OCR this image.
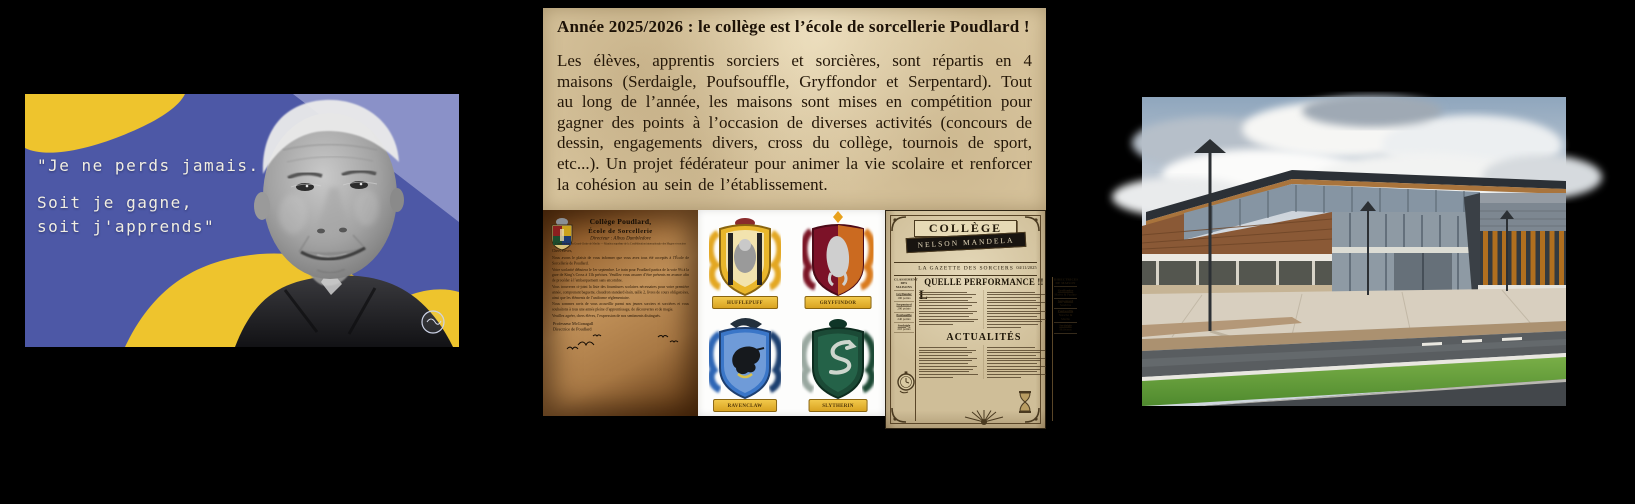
"Je ne perds jamais.
Soit je gagne,
soit j'apprends"
Année 2025/2026 : le collège est l’école de sorcellerie Poudlard !
Les élèves, apprentis sorciers et sorcières, sont répartis en 4 maisons (Serdaigle, Poufsouffle, Gryffondor et Serpentard). Tout au long de l’année, les maisons sont mises en compétition pour gagner des points à l’occasion de diverses activités (concours de dessin, engagements divers, cross du collège, tournois de sport, etc...). Un projet fédérateur pour animer la vie scolaire et renforcer la cohésion au sein de l’établissement.
Collège Poudlard,
École de Sorcellerie
Directeur : Albus Dumbledore
Commandeur du Grand-Ordre de Merlin — Manitou suprême de la Confédération internationale des Mages et sorciers

Chers élèves,

Nous avons le plaisir de vous informer que vous avez tous été acceptés à l’École de Sorcellerie de Poudlard.

Votre scolarité débutera le 1er septembre. Le train pour Poudlard partira de la voie 9¾ à la gare de King’s Cross à 11h précises. Veuillez vous assurer d’être présents en avance afin de procéder à l’embarquement sans encombre.

Vous trouverez ci-joint la liste des fournitures scolaires nécessaires pour votre première année, comprenant baguette, chaudron standard étain, taille 2, livres de cours obligatoires, ainsi que les éléments de l’uniforme réglementaire.

Nous sommes ravis de vous accueillir parmi nos jeunes sorciers et sorcières et vous souhaitons à tous une année pleine d’apprentissage, de découvertes et de magie.

Veuillez agréer, chers élèves, l’expression de nos sentiments distingués.

Professeur McGonagall
Directrice de Poudlard
HUFFLEPUFF	GRYFFINDOR
RAVENCLAW	SLYTHERIN
COLLÈGE
NELSON MANDELA
LA GAZETTE DES SORCIERS 04/11/2025
CLASSEMENT DES MAISONS
Gryffondor
190 points
Serpentard
290 points
Poufsouffle
240 points
Serdaigle
210 points
QUELLE PERFORMANCE !!
ACTUALITÉS
DIRECTRICES DE MAISON
Gryffondor
Maëva & Pauline
Serpentard
Sandrine
Poufsouffle
Natacha & Maëlle
Serdaigle
Maïwenn
